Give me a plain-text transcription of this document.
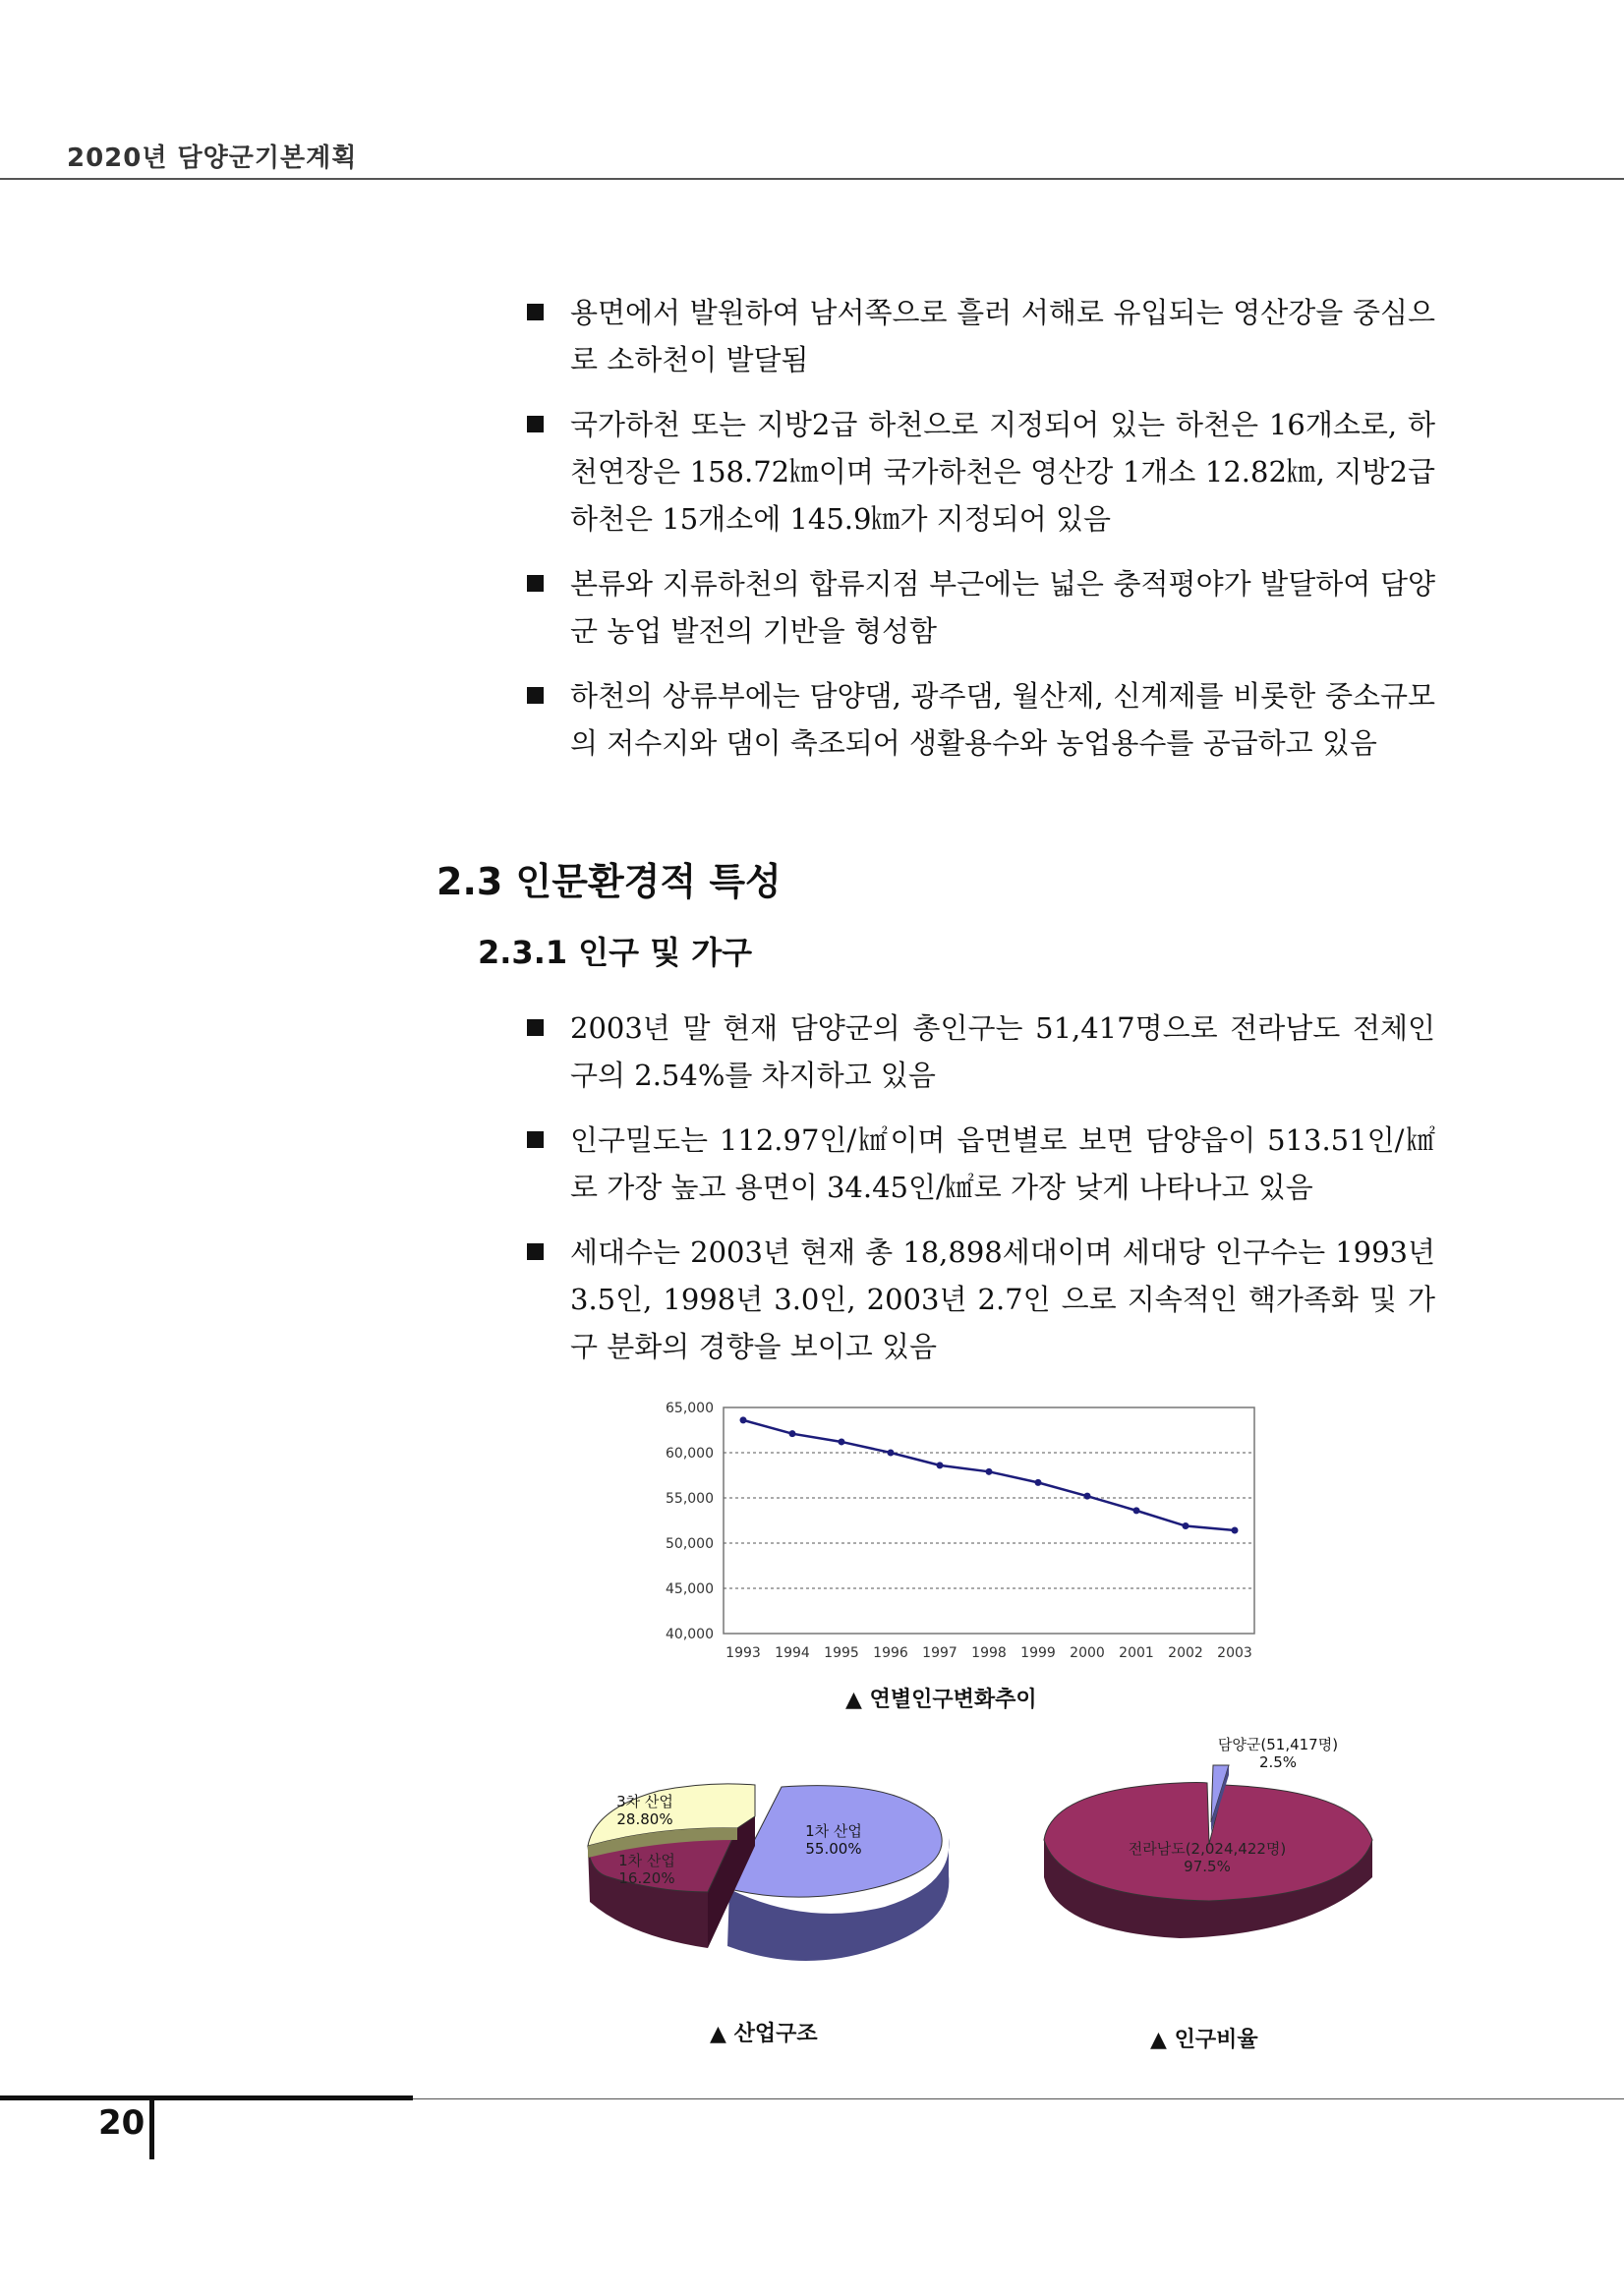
2020년 담양군기본계획
용면에서 발원하여 남서쪽으로 흘러 서해로 유입되는 영산강을 중심으로 소하천이 발달됨
국가하천 또는 지방2급 하천으로 지정되어 있는 하천은 16개소로, 하천연장은 158.72㎞이며 국가하천은 영산강 1개소 12.82㎞, 지방2급 하천은 15개소에 145.9㎞가 지정되어 있음
본류와 지류하천의 합류지점 부근에는 넓은 충적평야가 발달하여 담양군 농업 발전의 기반을 형성함
하천의 상류부에는 담양댐, 광주댐, 월산제, 신계제를 비롯한 중소규모의 저수지와 댐이 축조되어 생활용수와 농업용수를 공급하고 있음
2.3 인문환경적 특성
2.3.1 인구 및 가구
2003년 말 현재 담양군의 총인구는 51,417명으로 전라남도 전체인구의 2.54%를 차지하고 있음
인구밀도는 112.97인/㎢이며 읍면별로 보면 담양읍이 513.51인/㎢로 가장 높고 용면이 34.45인/㎢로 가장 낮게 나타나고 있음
세대수는 2003년 현재 총 18,898세대이며 세대당 인구수는 1993년 3.5인, 1998년 3.0인, 2003년 2.7인 으로 지속적인 핵가족화 및 가구 분화의 경향을 보이고 있음
65,000
60,000
55,000
50,000
45,000
40,000
1993 1994 1995 1996 1997 1998 1999 2000 2001 2002 2003
▲ 연별인구변화추이
1차 산업
55.00%
1차 산업
16.20%
3차 산업
28.80%
▲ 산업구조
담양군(51,417명)
2.5%
전라남도(2,024,422명)
97.5%
▲ 인구비율
20
